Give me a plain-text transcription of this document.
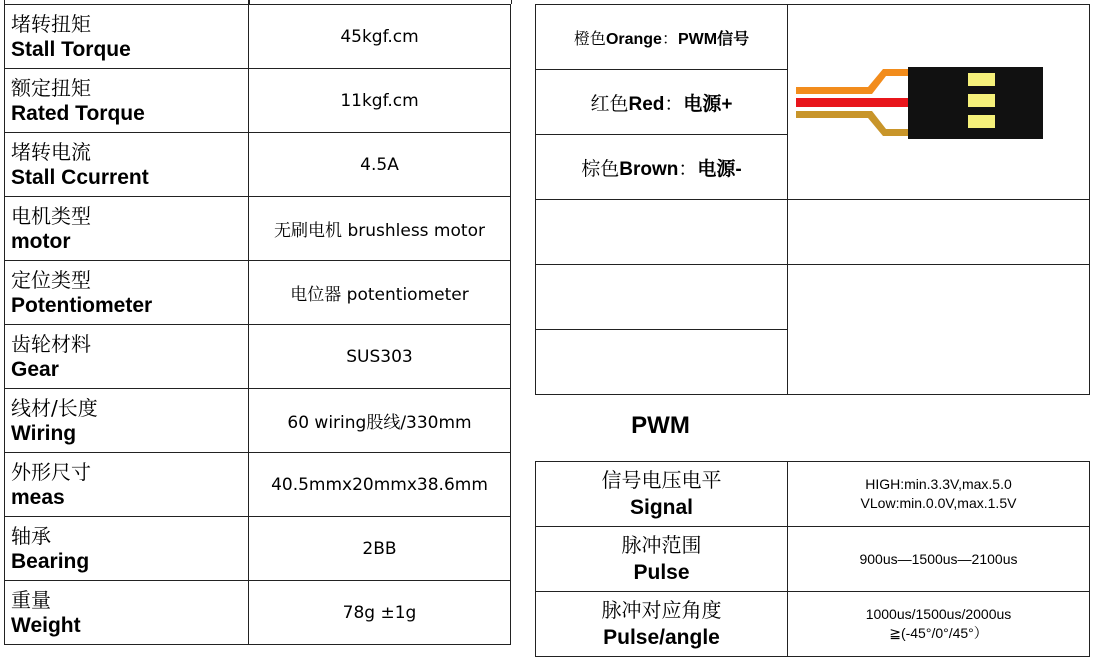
堵转扭矩
Stall Torque	45kgf.cm

额定扭矩
Rated Torque	11kgf.cm

堵转电流
Stall Ccurrent	4.5A

电机类型
motor	无刷电机 brushless motor

定位类型
Potentiometer	电位器 potentiometer

齿轮材料
Gear	SUS303

线材/长度
Wiring	60 wiring股线/330mm

外形尺寸
meas	40.5mmx20mmx38.6mm

轴承
Bearing	2BB

重量
Weight	78g ±1g
橙色Orange：PWM信号	

红色Red：电源+	
棕色Brown：电源-	

PWM
信号电压电平
Signal	HIGH:min.3.3V,max.5.0
VLow:min.0.0V,max.1.5V

脉冲范围
Pulse	900us—1500us—2100us

脉冲对应角度
Pulse/angle	1000us/1500us/2000us
≧(-45°/0°/45°）
